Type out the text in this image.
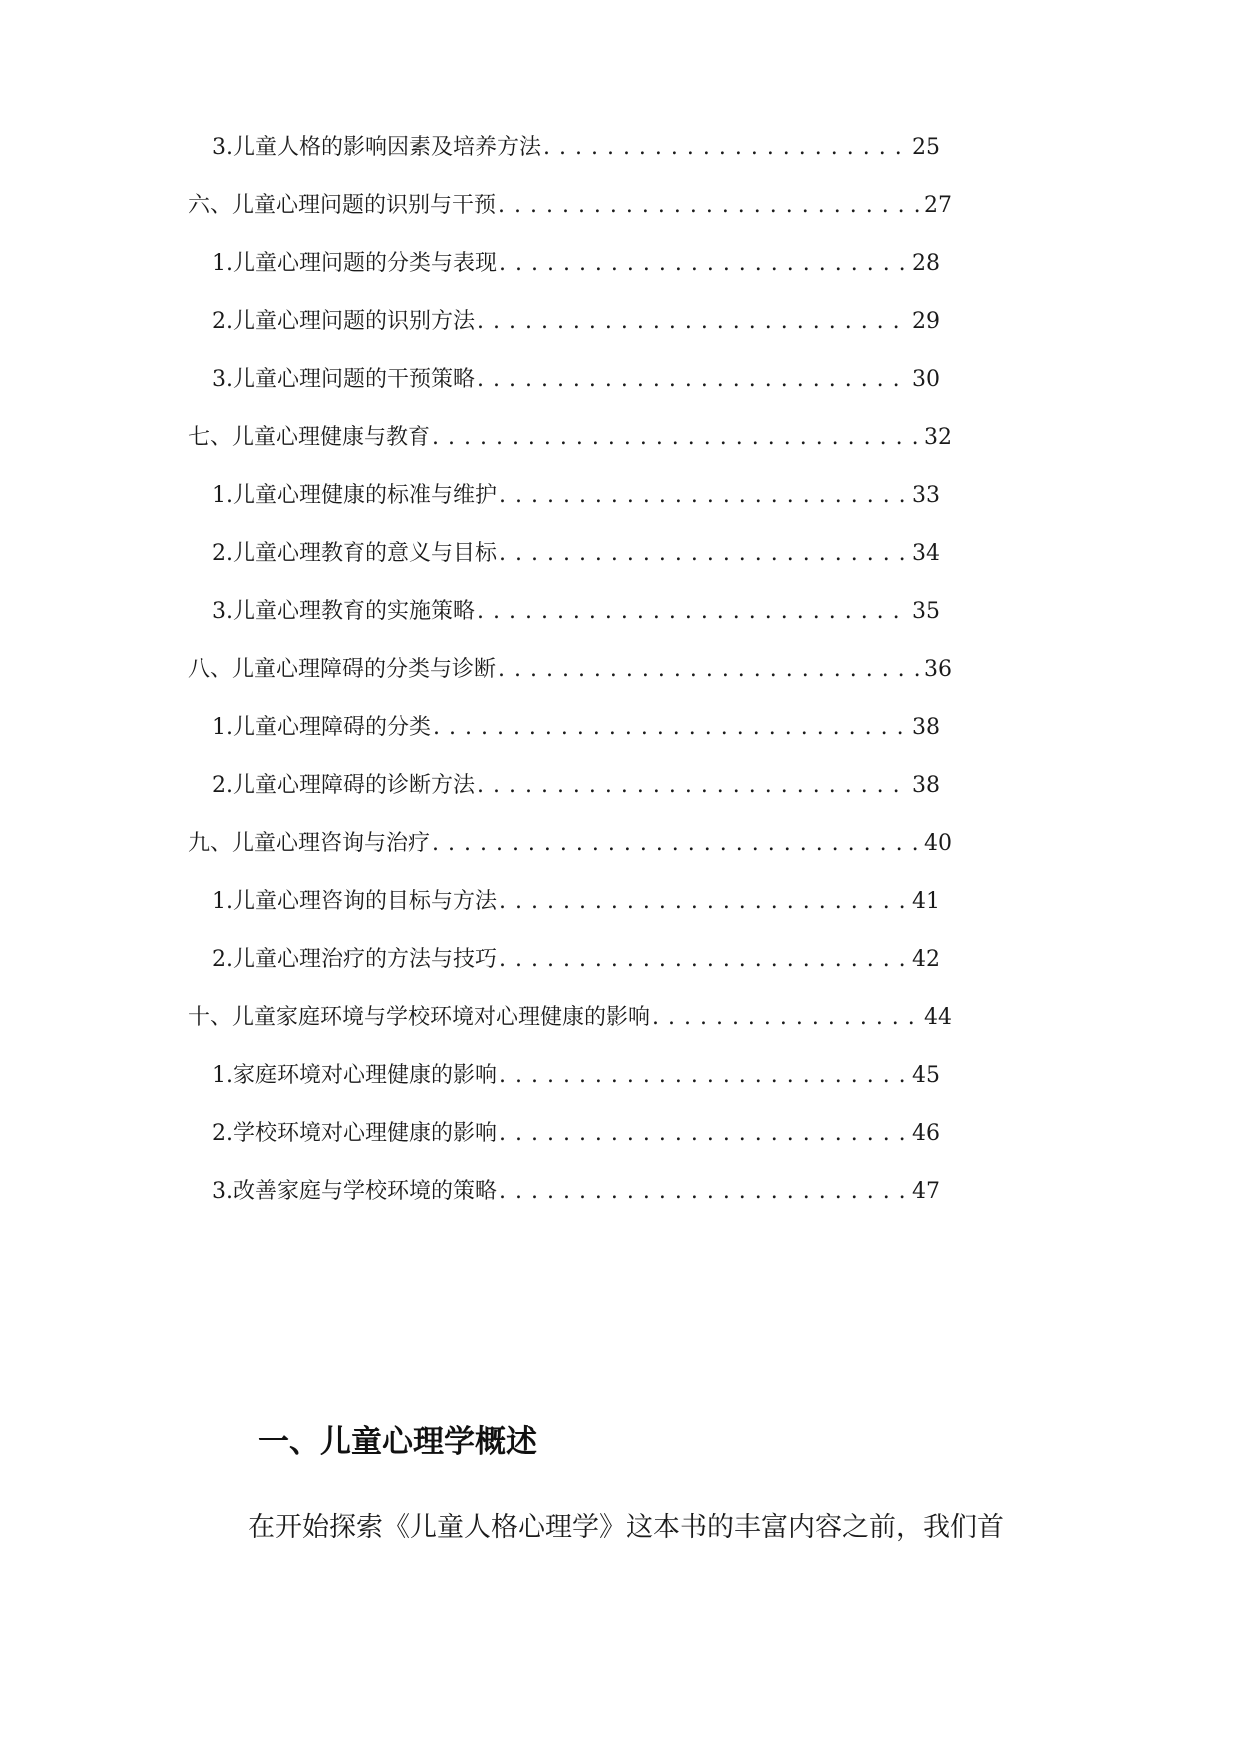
3. 儿童人格的影响因素及培养方法 . . .	25
六、儿童心理问题的识别与干预 . . .	27
1. 儿童心理问题的分类与表现 . . .	28
2. 儿童心理问题的识别方法 . . .	29
3. 儿童心理问题的干预策略 . . .	30
七、儿童心理健康与教育 . . .	32
1. 儿童心理健康的标准与维护 . . .	33
2. 儿童心理教育的意义与目标 . . .	34
3. 儿童心理教育的实施策略 . . .	35
八、儿童心理障碍的分类与诊断 . . .	36
1. 儿童心理障碍的分类 . . .	38
2. 儿童心理障碍的诊断方法 . . .	38
九、儿童心理咨询与治疗 . . .	40
1. 儿童心理咨询的目标与方法 . . .	41
2. 儿童心理治疗的方法与技巧 . . .	42
十、儿童家庭环境与学校环境对心理健康的影响 . . .	44
1. 家庭环境对心理健康的影响 . . .	45
2. 学校环境对心理健康的影响 . . .	46
3. 改善家庭与学校环境的策略 . . .	47
一、儿童心理学概述
在开始探索《儿童人格心理学》这本书的丰富内容之前，我们首
